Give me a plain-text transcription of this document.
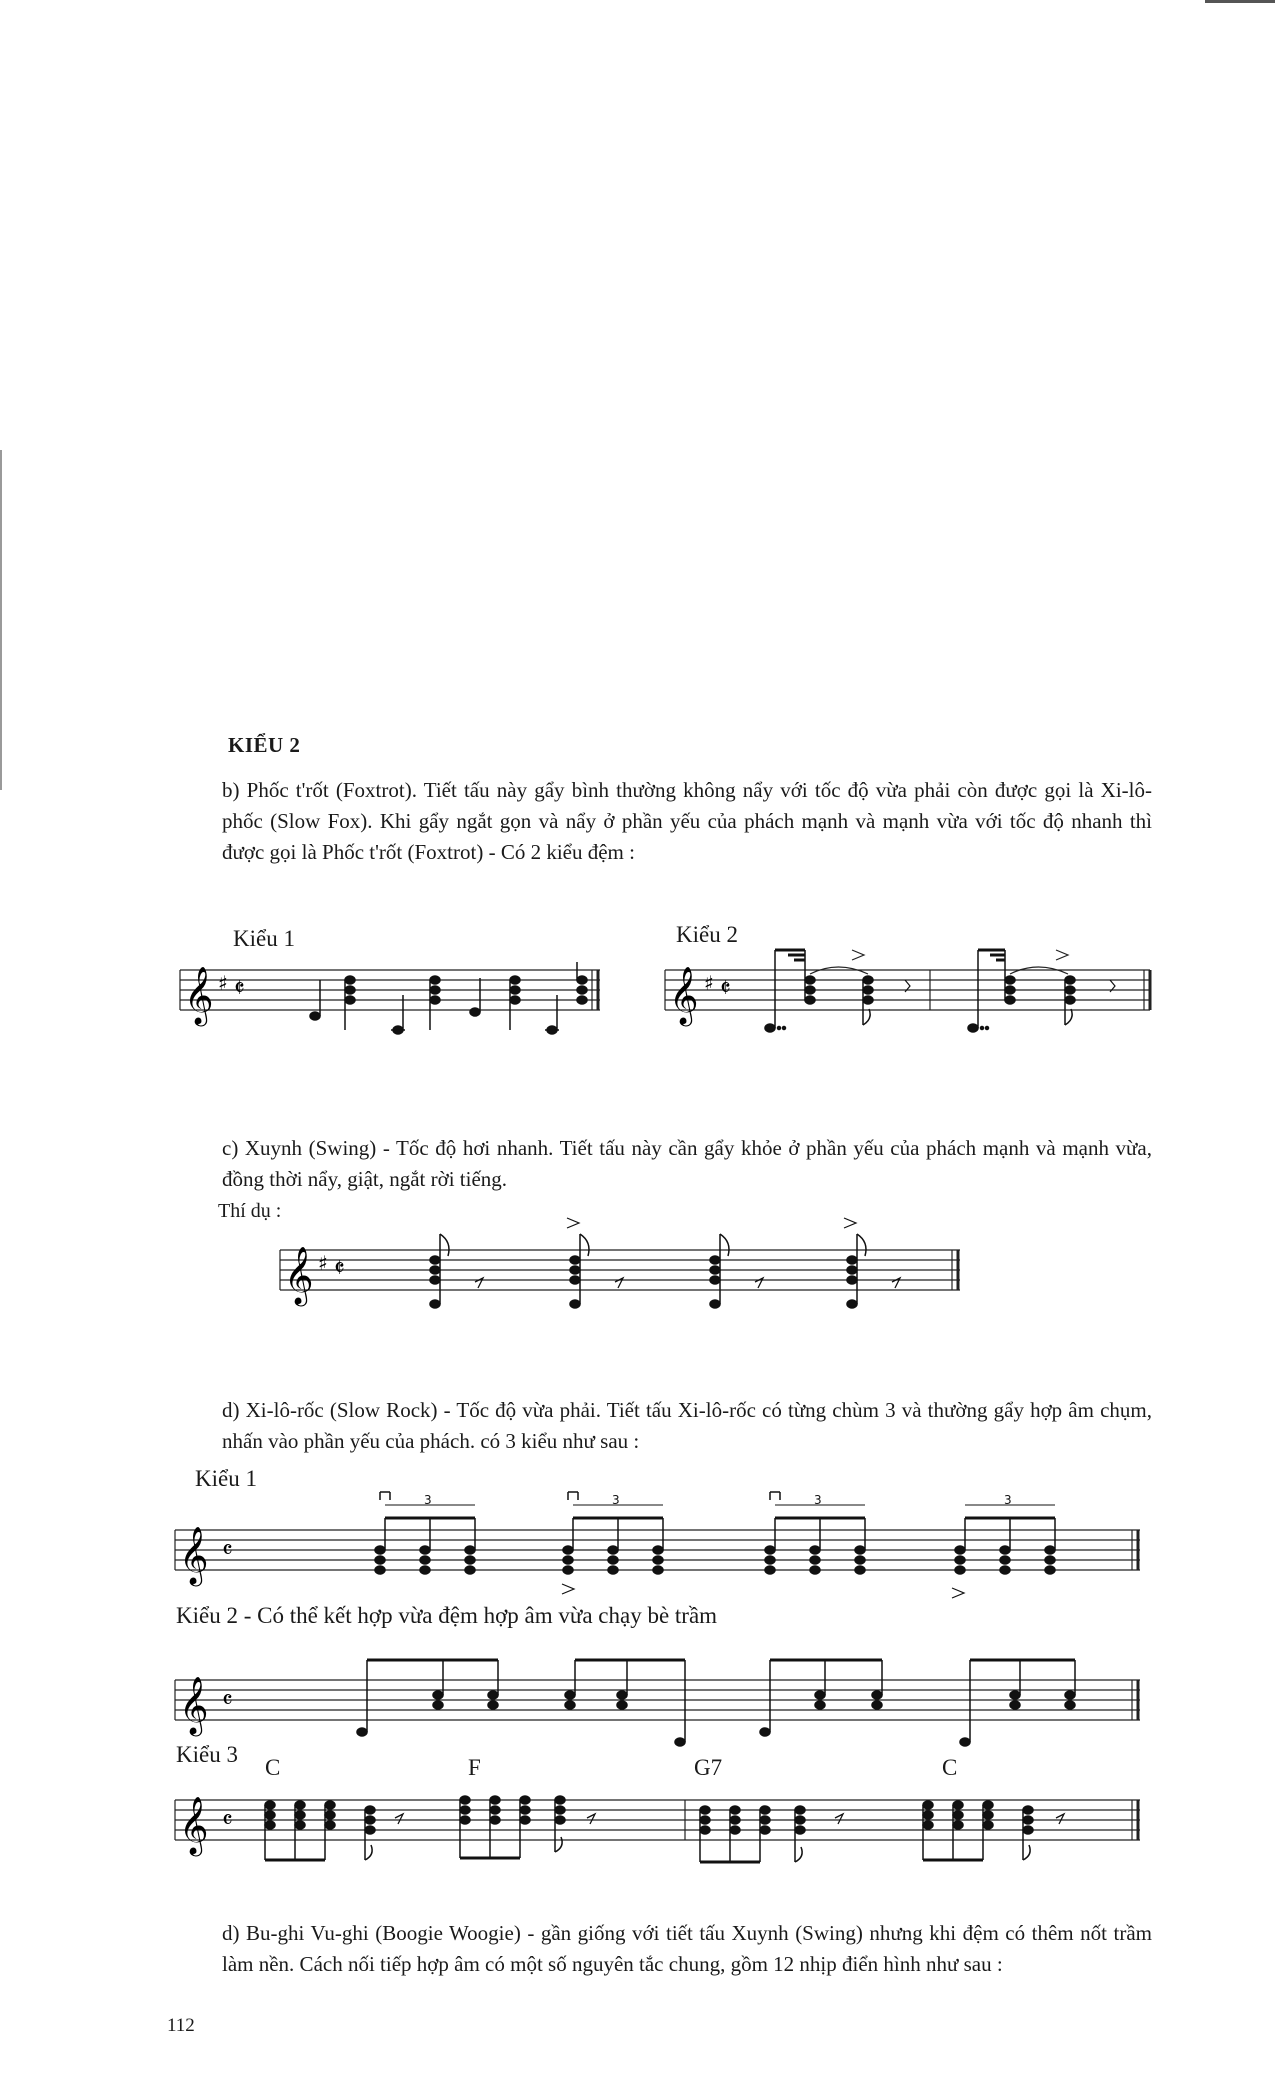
KIỂU 2
b) Phốc t'rốt (Foxtrot). Tiết tấu này gẩy bình thường không nẩy với tốc độ vừa phải còn được gọi là Xi-lô-phốc (Slow Fox). Khi gẩy ngắt gọn và nẩy ở phần yếu của phách mạnh và mạnh vừa với tốc độ nhanh thì được gọi là Phốc t'rốt (Foxtrot) - Có 2 kiểu đệm :
Kiểu 1
𝄞 ♯ 𝄵
Kiểu 2
𝄞 ♯ 𝄵
c) Xuynh (Swing) - Tốc độ hơi nhanh. Tiết tấu này cần gẩy khỏe ở phần yếu của phách mạnh và mạnh vừa, đồng thời nẩy, giật, ngắt rời tiếng.
Thí dụ :
𝄞 ♯ 𝄵
d) Xi-lô-rốc (Slow Rock) - Tốc độ vừa phải. Tiết tấu Xi-lô-rốc có từng chùm 3 và thường gẩy hợp âm chụm, nhấn vào phần yếu của phách. có 3 kiểu như sau :
Kiểu 1
𝄞 𝄴
3	3	3	3
Kiểu 2 - Có thể kết hợp vừa đệm hợp âm vừa chạy bè trầm
𝄞 𝄴
Kiểu 3
C	F	G7	C
𝄞 𝄴
d) Bu-ghi Vu-ghi (Boogie Woogie) - gần giống với tiết tấu Xuynh (Swing) nhưng khi đệm có thêm nốt trầm làm nền. Cách nối tiếp hợp âm có một số nguyên tắc chung, gồm 12 nhịp điển hình như sau :
112
